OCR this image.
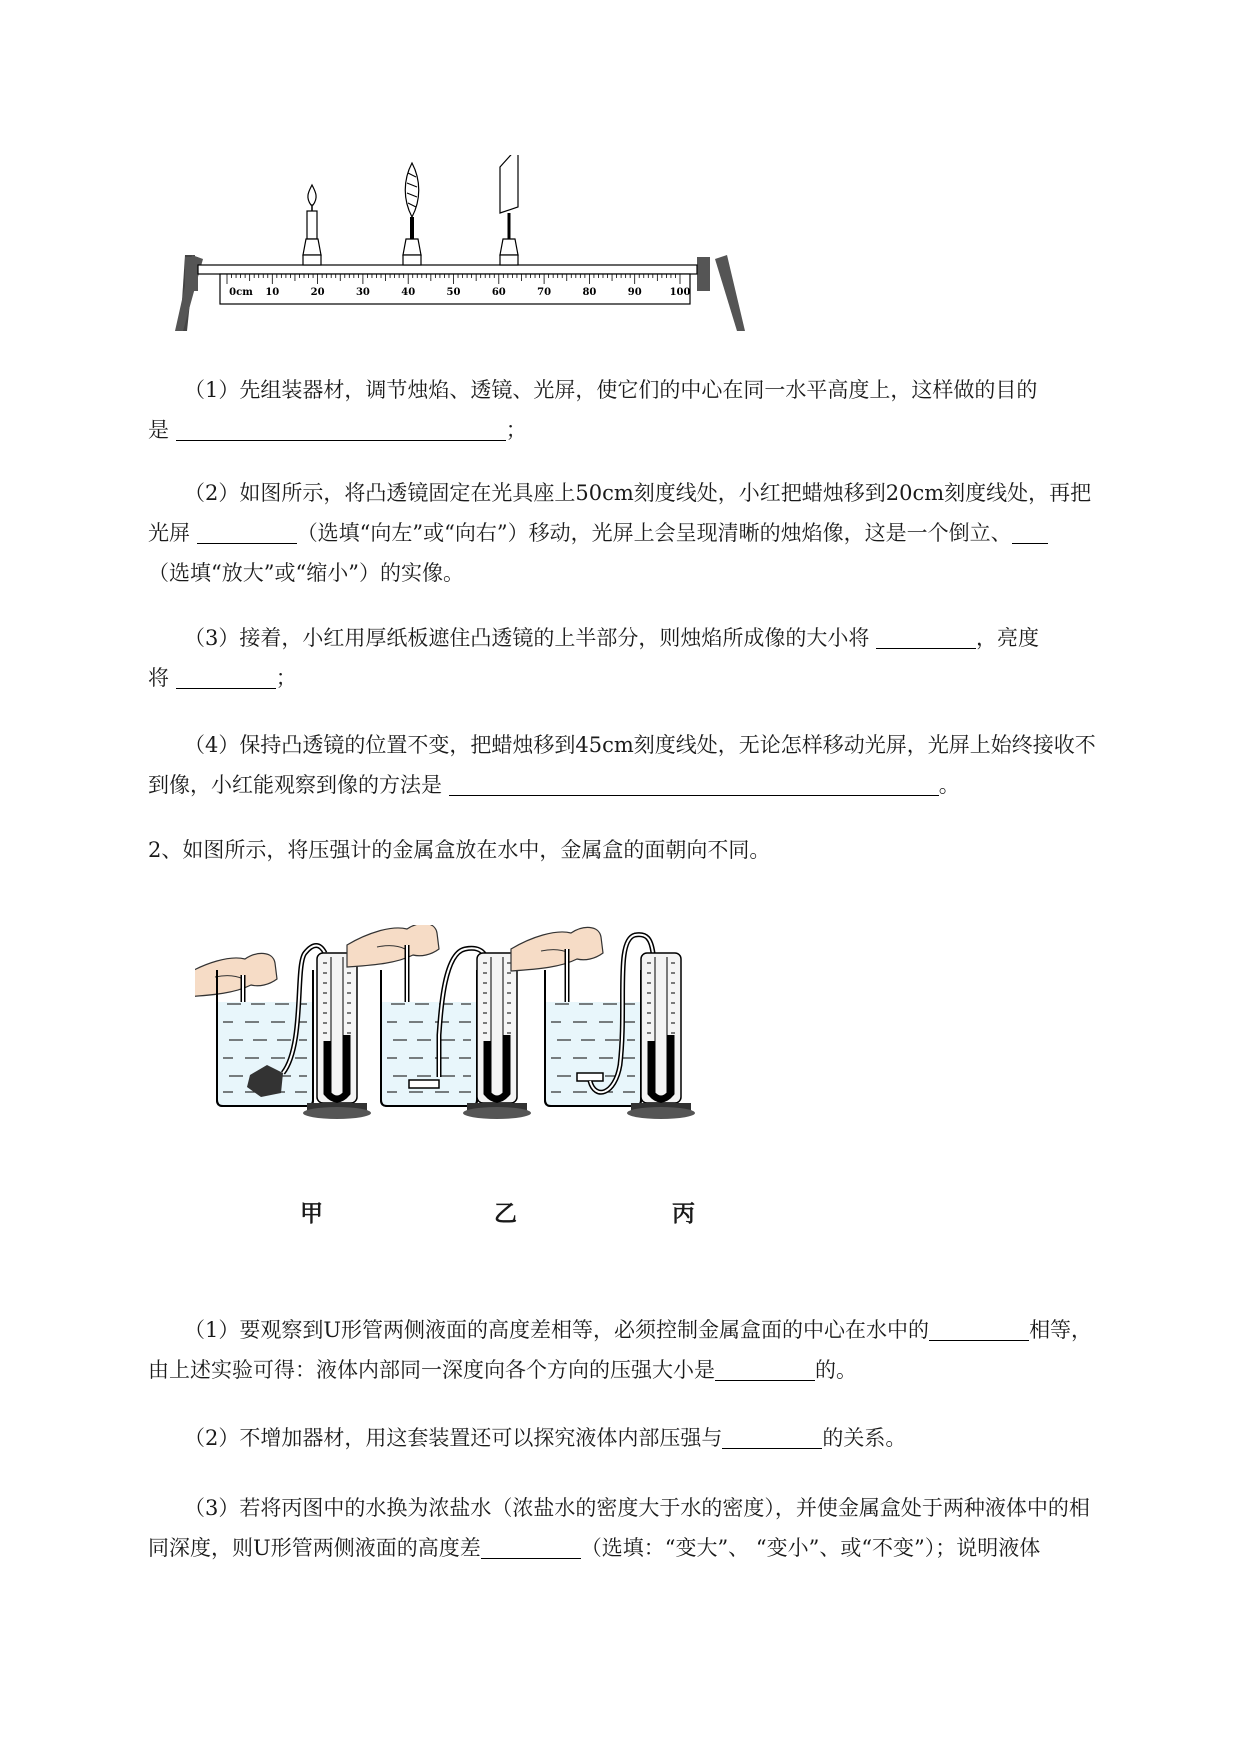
0cm 10	20	30	40	50	60	70	80	90	100

（1）先组装器材，调节烛焰、透镜、光屏，使它们的中心在同一水平高度上，这样做的目的

是	；

（2）如图所示，将凸透镜固定在光具座上50cm刻度线处，小红把蜡烛移到20cm刻度线处，再把

光屏	（选填“向左”或“向右”）移动，光屏上会呈现清晰的烛焰像，这是一个倒立、

（选填“放大”或“缩小”）的实像。

（3）接着，小红用厚纸板遮住凸透镜的上半部分，则烛焰所成像的大小将	，亮度

将	；

（4）保持凸透镜的位置不变，把蜡烛移到45cm刻度线处，无论怎样移动光屏，光屏上始终接收不

到像，小红能观察到像的方法是	。

2、如图所示，将压强计的金属盒放在水中，金属盒的面朝向不同。

甲	乙	丙

（1）要观察到U形管两侧液面的高度差相等，必须控制金属盒面的中心在水中的	相等，

由上述实验可得：液体内部同一深度向各个方向的压强大小是	的。

（2）不增加器材，用这套装置还可以探究液体内部压强与	的关系。

（3）若将丙图中的水换为浓盐水（浓盐水的密度大于水的密度），并使金属盒处于两种液体中的相

同深度，则U形管两侧液面的高度差	（选填：“变大”、 “变小”、或“不变”）；说明液体
